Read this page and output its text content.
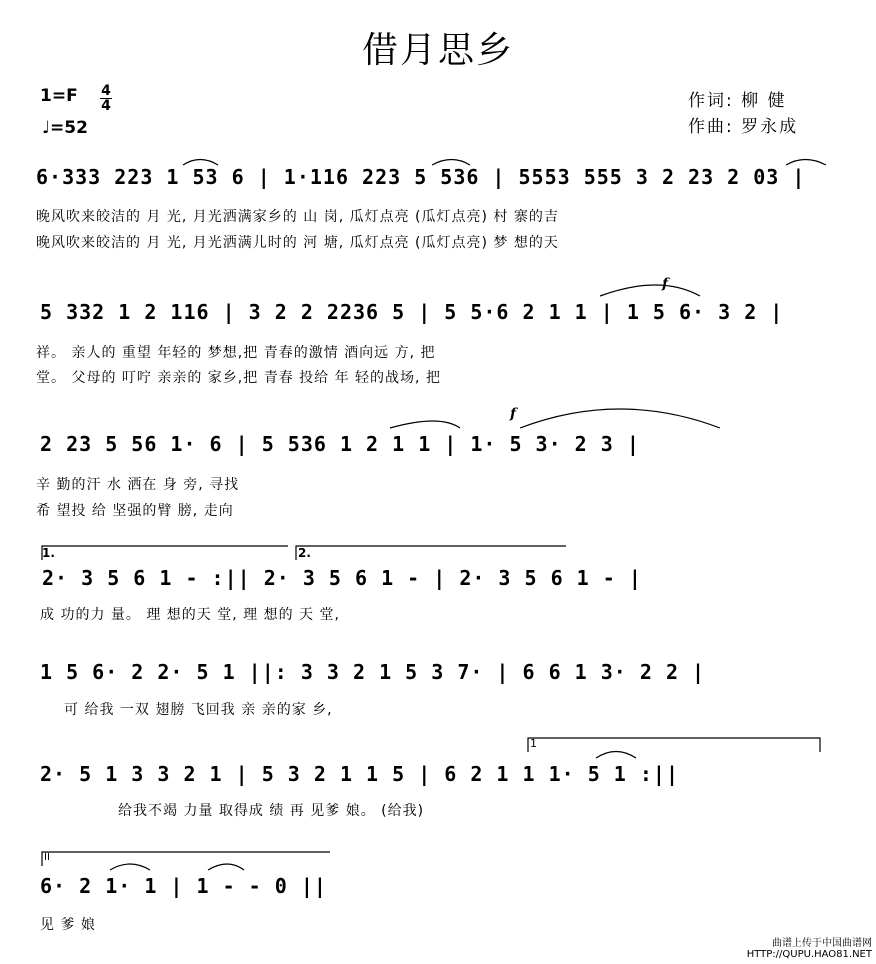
借月思乡
1=F 4
4
♩=52
作词: 柳 健
作曲: 罗永成
6·333 223 1 53 6 | 1·116 223 5 536 | 5553 555 3 2 23 2 03 |
晚风吹来皎洁的 月 光, 月光洒满家乡的 山 岗, 瓜灯点亮 (瓜灯点亮) 村 寨的吉
晚风吹来皎洁的 月 光, 月光洒满儿时的 河 塘, 瓜灯点亮 (瓜灯点亮) 梦 想的天
5 332 1 2 116 | 3 2 2 2236 5 | 5 5·6 2 1 1 | 1 5 6· 3 2 |
祥。 亲人的 重望 年轻的 梦想,把 青春的激情 酒向远 方, 把
堂。 父母的 叮咛 亲亲的 家乡,把 青春 投给 年 轻的战场, 把
2 23 5 56 1· 6 | 5 536 1 2 1 1 | 1· 5 3· 2 3 |
辛 勤的汗 水 洒在 身 旁, 寻找
希 望投 给 坚强的臂 膀, 走向
1.	2.
2· 3 5 6 1 - :|| 2· 3 5 6 1 - | 2· 3 5 6 1 - |
成 功的力 量。 理 想的天 堂, 理 想的 天 堂,
1 5 6· 2 2· 5 1 ||: 3 3 2 1 5 3 7· | 6 6 1 3· 2 2 |
可 给我 一双 翅膀 飞回我 亲 亲的家 乡,
1
2· 5 1 3 3 2 1 | 5 3 2 1 1 5 | 6 2 1 1 1· 5 1 :||
给我不竭 力量 取得成 绩 再 见爹 娘。 (给我)
II
6· 2 1· 1 | 1 - - 0 ||
见 爹 娘
f
f
曲谱上传于中国曲谱网
HTTP://QUPU.HAO81.NET
